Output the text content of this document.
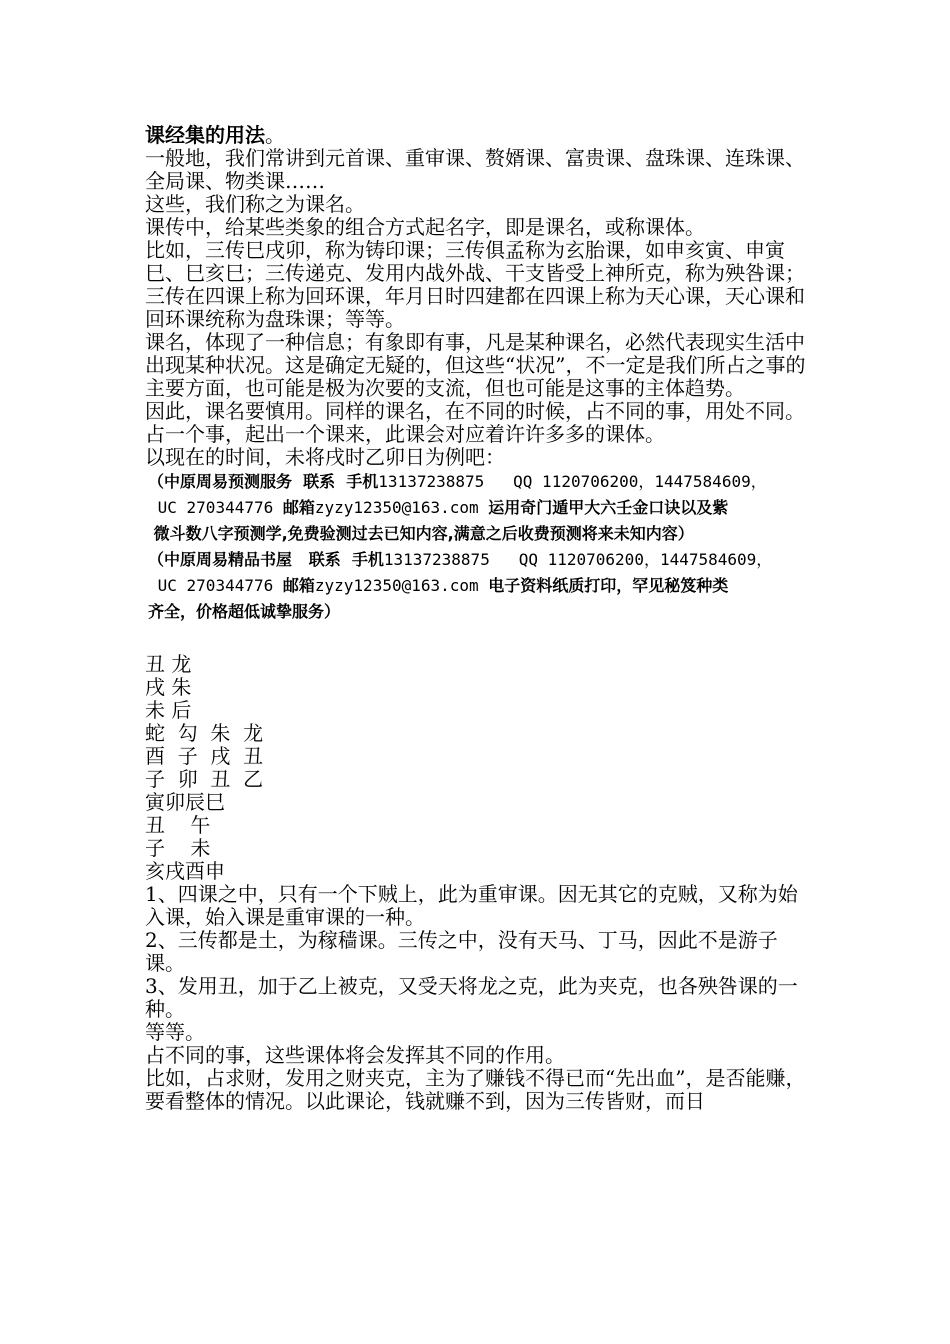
课经集的用法。

一般地，我们常讲到元首课、重审课、赘婿课、富贵课、盘珠课、连珠课、全局课、物类课……

这些，我们称之为课名。

课传中，给某些类象的组合方式起名字，即是课名，或称课体。

比如，三传巳戌卯，称为铸印课；三传俱孟称为玄胎课，如申亥寅、申寅巳、巳亥巳；三传递克、发用内战外战、干支皆受上神所克，称为殃咎课；三传在四课上称为回环课，年月日时四建都在四课上称为天心课，天心课和回环课统称为盘珠课；等等。

课名，体现了一种信息；有象即有事，凡是某种课名，必然代表现实生活中出现某种状况。这是确定无疑的，但这些“状况”，不一定是我们所占之事的主要方面，也可能是极为次要的支流，但也可能是这事的主体趋势。

因此，课名要慎用。同样的课名，在不同的时候，占不同的事，用处不同。

占一个事，起出一个课来，此课会对应着许许多多的课体。

以现在的时间，未将戌时乙卯日为例吧：

（中原周易预测服务  联系  手机13137238875   QQ 1120706200，1447584609，

UC 270344776 邮箱zyzy12350@163.com 运用奇门遁甲大六壬金口诀以及紫

微斗数八字预测学,免费验测过去已知内容,满意之后收费预测将来未知内容）

（中原周易精品书屋   联系  手机13137238875   QQ 1120706200，1447584609，

UC 270344776 邮箱zyzy12350@163.com 电子资料纸质打印，罕见秘笈种类

齐全，价格超低诚挚服务）

丑 龙

戌 朱

未 后

蛇  勾  朱  龙

酉  子  戌  丑

子  卯  丑  乙

寅卯辰巳

丑    午

子    未

亥戌酉申

1、四课之中，只有一个下贼上，此为重审课。因无其它的克贼，又称为始入课，始入课是重审课的一种。

2、三传都是土，为稼穑课。三传之中，没有天马、丁马，因此不是游子课。

3、发用丑，加于乙上被克，又受天将龙之克，此为夹克，也各殃咎课的一种。

等等。

占不同的事，这些课体将会发挥其不同的作用。

比如，占求财，发用之财夹克，主为了赚钱不得已而“先出血”，是否能赚，要看整体的情况。以此课论，钱就赚不到，因为三传皆财，而日
